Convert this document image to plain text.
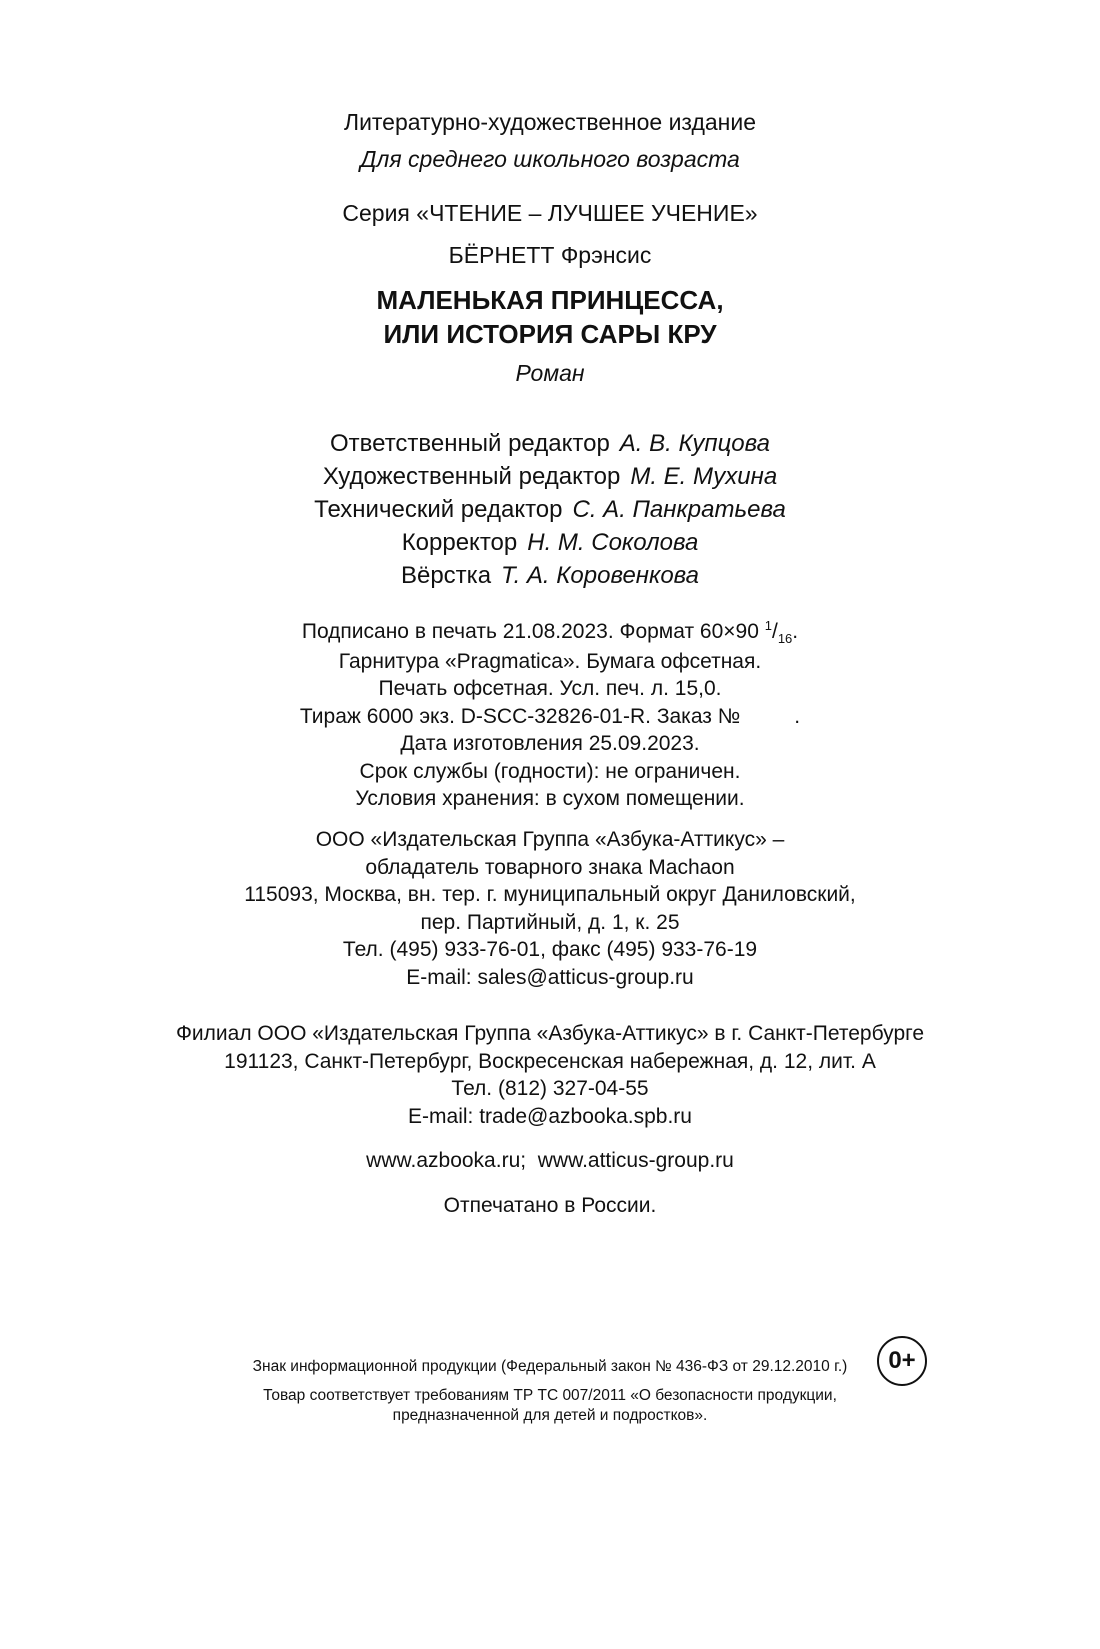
Литературно-художественное издание
Для среднего школьного возраста
Серия «ЧТЕНИЕ – ЛУЧШЕЕ УЧЕНИЕ»
БЁРНЕТТ Фрэнсис
МАЛЕНЬКАЯ ПРИНЦЕССА,
ИЛИ ИСТОРИЯ САРЫ КРУ
Роман
Ответственный редактор А. В. Купцова
Художественный редактор М. Е. Мухина
Технический редактор С. А. Панкратьева
Корректор Н. М. Соколова
Вёрстка Т. А. Коровенкова
Подписано в печать 21.08.2023. Формат 60×90 1/16.
Гарнитура «Pragmatica». Бумага офсетная.
Печать офсетная. Усл. печ. л. 15,0.
Тираж 6000 экз. D-SCC-32826-01-R. Заказ №	.
Дата изготовления 25.09.2023.
Срок службы (годности): не ограничен.
Условия хранения: в сухом помещении.
ООО «Издательская Группа «Азбука-Аттикус» –
обладатель товарного знака Machaon
115093, Москва, вн. тер. г. муниципальный округ Даниловский,
пер. Партийный, д. 1, к. 25
Тел. (495) 933-76-01, факс (495) 933-76-19
E-mail: sales@atticus-group.ru
Филиал ООО «Издательская Группа «Азбука-Аттикус» в г. Санкт-Петербурге
191123, Санкт-Петербург, Воскресенская набережная, д. 12, лит. А
Тел. (812) 327-04-55
E-mail: trade@azbooka.spb.ru
www.azbooka.ru;  www.atticus-group.ru
Отпечатано в России.
Знак информационной продукции (Федеральный закон № 436-ФЗ от 29.12.2010 г.)	0+
Товар соответствует требованиям ТР ТС 007/2011 «О безопасности продукции,
предназначенной для детей и подростков».
